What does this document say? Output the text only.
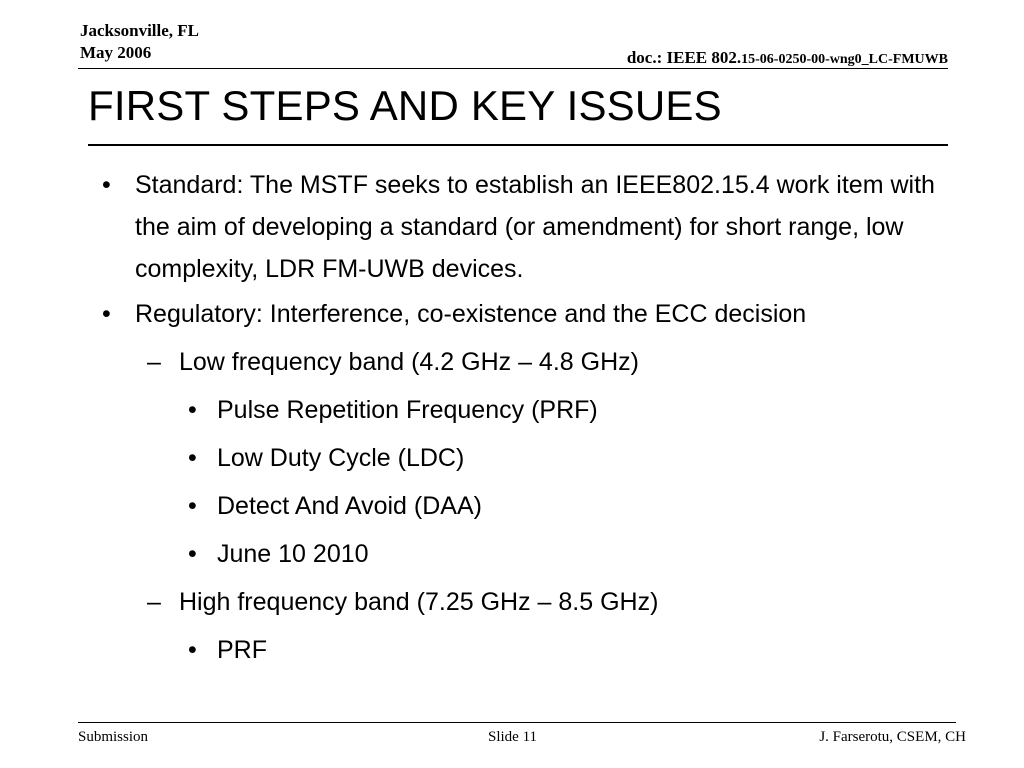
Jacksonville, FL
May 2006	doc.: IEEE 802.15-06-0250-00-wng0_LC-FMUWB
FIRST STEPS AND KEY ISSUES
• Standard: The MSTF seeks to establish an IEEE802.15.4 work item with the aim of developing a standard (or amendment) for short range, low complexity, LDR FM-UWB devices.
• Regulatory: Interference, co-existence and the ECC decision
– Low frequency band (4.2 GHz – 4.8 GHz)
• Pulse Repetition Frequency (PRF)
• Low Duty Cycle (LDC)
• Detect And Avoid (DAA)
• June 10 2010
– High frequency band (7.25 GHz – 8.5 GHz)
• PRF
Submission	Slide 11	J. Farserotu, CSEM, CH
